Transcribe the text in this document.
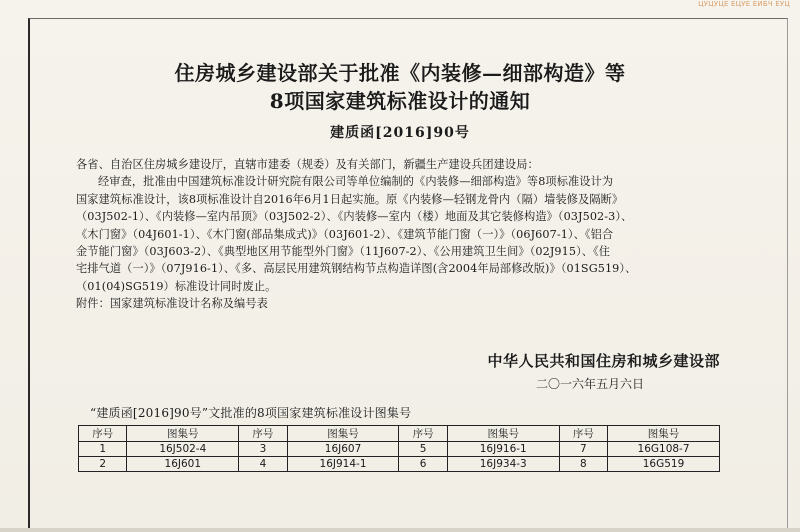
ЦУЦУЦЕ ЕЦУЕ ЕИБЧ ЕУЦ
住房城乡建设部关于批准《内装修—细部构造》等
8项国家建筑标准设计的通知
建质函[2016]90号
各省、自治区住房城乡建设厅，直辖市建委（规委）及有关部门，新疆生产建设兵团建设局：
经审查，批准由中国建筑标准设计研究院有限公司等单位编制的《内装修—细部构造》等8项标准设计为
国家建筑标准设计，该8项标准设计自2016年6月1日起实施。原《内装修—轻钢龙骨内（隔）墙装修及隔断》
（03J502-1）、《内装修—室内吊顶》（03J502-2）、《内装修—室内（楼）地面及其它装修构造》（03J502-3）、
《木门窗》（04J601-1）、《木门窗(部品集成式)》（03J601-2）、《建筑节能门窗（一）》（06J607-1）、《铝合
金节能门窗》（03J603-2）、《典型地区用节能型外门窗》（11J607-2）、《公用建筑卫生间》（02J915）、《住
宅排气道（一）》（07J916-1）、《多、高层民用建筑钢结构节点构造详图(含2004年局部修改版)》（01SG519）、
（01(04)SG519）标准设计同时废止。
附件：国家建筑标准设计名称及编号表
中华人民共和国住房和城乡建设部
二〇一六年五月六日
“建质函[2016]90号”文批准的8项国家建筑标准设计图集号
序号	图集号	序号	图集号	序号	图集号	序号	图集号
1	16J502-4	3	16J607	5	16J916-1	7	16G108-7
2	16J601	4	16J914-1	6	16J934-3	8	16G519
